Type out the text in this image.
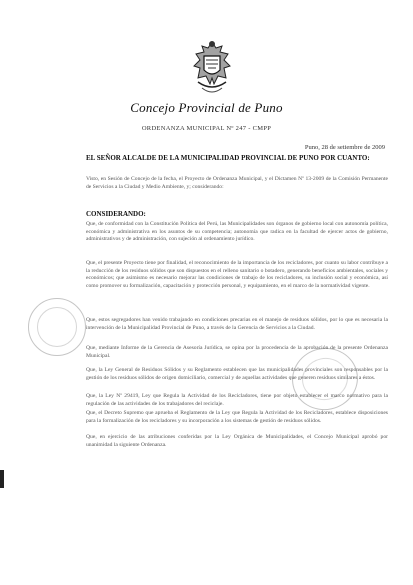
Concejo Provincial de Puno
ORDENANZA MUNICIPAL Nº 247 - CMPP
Puno, 28 de setiembre de 2009
EL SEÑOR ALCALDE DE LA MUNICIPALIDAD PROVINCIAL DE PUNO POR CUANTO:
Visto, en Sesión de Concejo de la fecha, el Proyecto de Ordenanza Municipal, y el Dictamen Nº 13-2009 de la Comisión Permanente de Servicios a la Ciudad y Medio Ambiente, y; considerando:
CONSIDERANDO:
Que, de conformidad con la Constitución Política del Perú, las Municipalidades son órganos de gobierno local con autonomía política, económica y administrativa en los asuntos de su competencia; autonomía que radica en la facultad de ejercer actos de gobierno, administrativos y de administración, con sujeción al ordenamiento jurídico.
Que, el presente Proyecto tiene por finalidad, el reconocimiento de la importancia de los recicladores, por cuanto su labor contribuye a la reducción de los residuos sólidos que son dispuestos en el relleno sanitario o botadero, generando beneficios ambientales, sociales y económicos; que asimismo es necesario mejorar las condiciones de trabajo de los recicladores, su inclusión social y económica, así como promover su formalización, capacitación y protección personal, y equipamiento, en el marco de la normatividad vigente.
Que, estos segregadores han venido trabajando en condiciones precarias en el manejo de residuos sólidos, por lo que es necesaria la intervención de la Municipalidad Provincial de Puno, a través de la Gerencia de Servicios a la Ciudad.
Que, mediante Informe de la Gerencia de Asesoría Jurídica, se opina por la procedencia de la aprobación de la presente Ordenanza Municipal.
Que, la Ley General de Residuos Sólidos y su Reglamento establecen que las municipalidades provinciales son responsables por la gestión de los residuos sólidos de origen domiciliario, comercial y de aquellas actividades que generen residuos similares a éstos.
Que, la Ley Nº 29419, Ley que Regula la Actividad de los Recicladores, tiene por objeto establecer el marco normativo para la regulación de las actividades de los trabajadores del reciclaje.
Que, el Decreto Supremo que aprueba el Reglamento de la Ley que Regula la Actividad de los Recicladores, establece disposiciones para la formalización de los recicladores y su incorporación a los sistemas de gestión de residuos sólidos.
Que, en ejercicio de las atribuciones conferidas por la Ley Orgánica de Municipalidades, el Concejo Municipal aprobó por unanimidad la siguiente Ordenanza.
